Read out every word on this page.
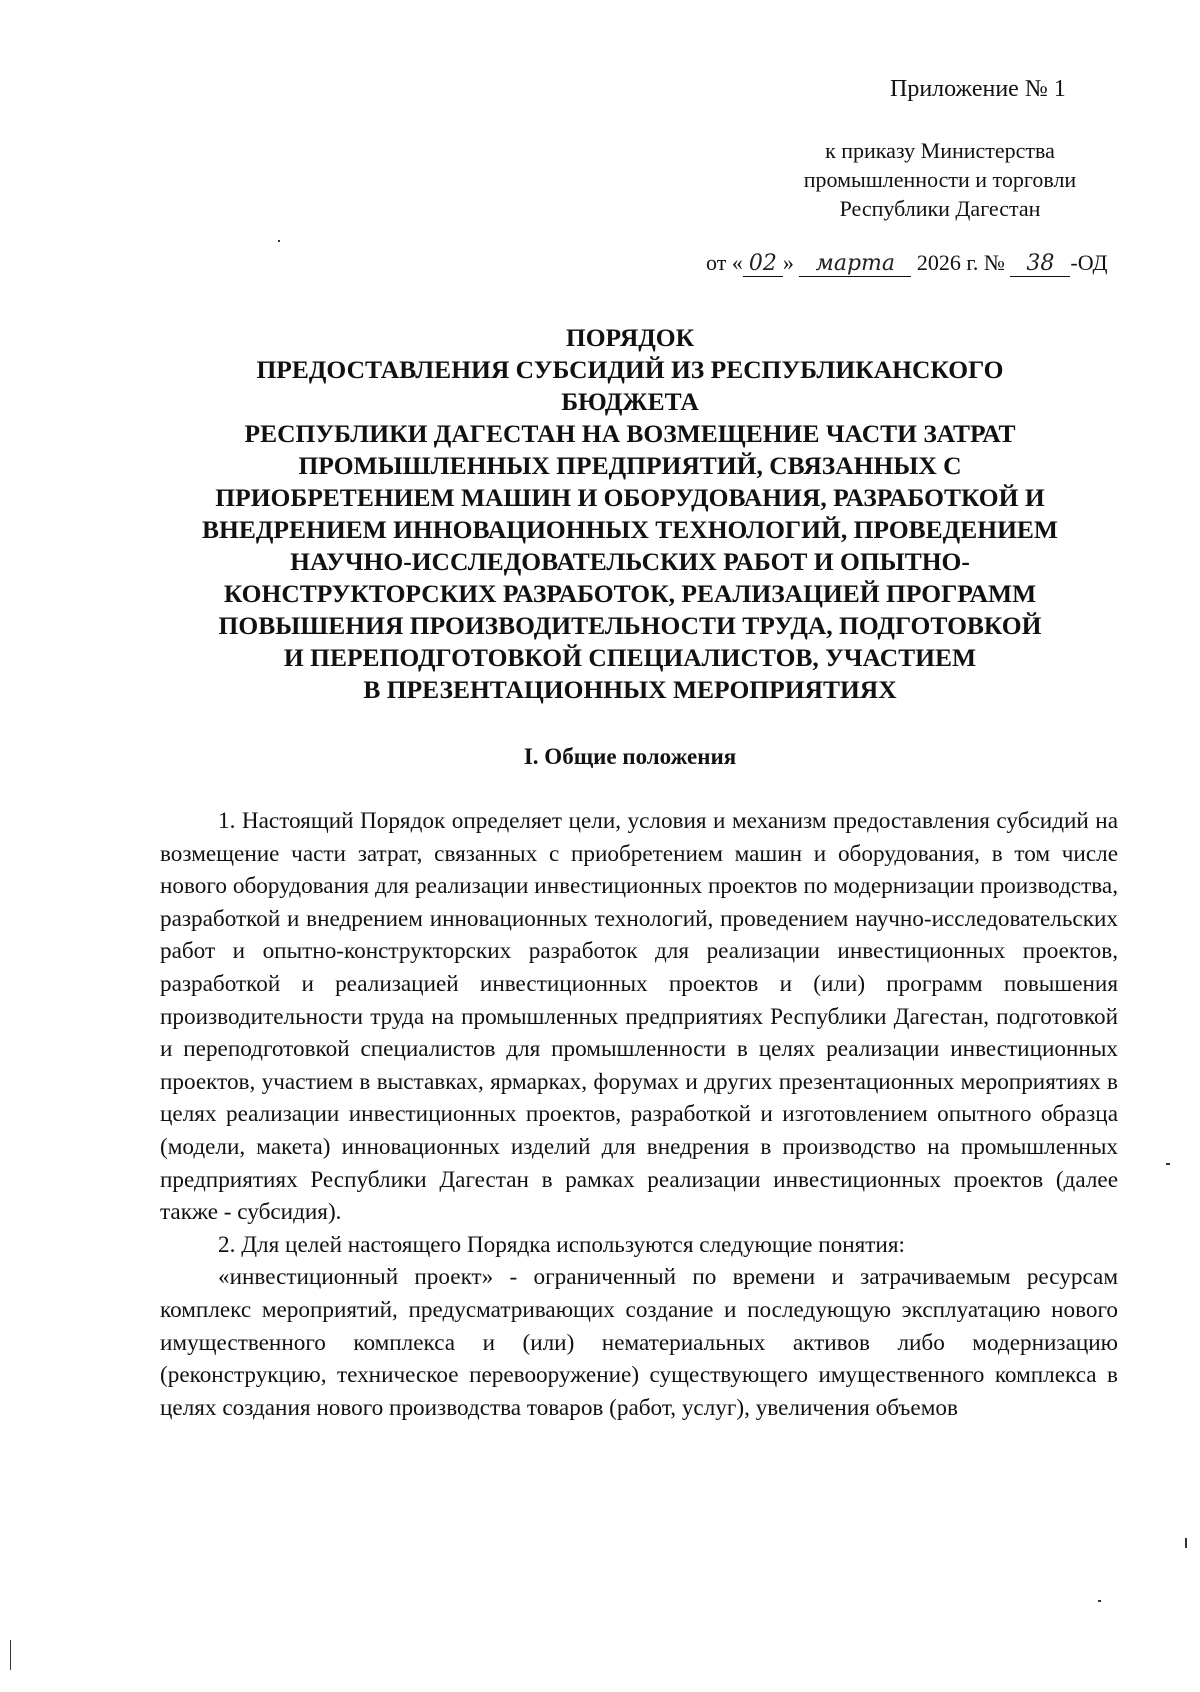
Приложение № 1
к приказу Министерства
промышленности и торговли
Республики Дагестан
от « 02 » марта 2026 г. № 38 -ОД
ПОРЯДОК
ПРЕДОСТАВЛЕНИЯ СУБСИДИЙ ИЗ РЕСПУБЛИКАНСКОГО
БЮДЖЕТА
РЕСПУБЛИКИ ДАГЕСТАН НА ВОЗМЕЩЕНИЕ ЧАСТИ ЗАТРАТ
ПРОМЫШЛЕННЫХ ПРЕДПРИЯТИЙ, СВЯЗАННЫХ С
ПРИОБРЕТЕНИЕМ МАШИН И ОБОРУДОВАНИЯ, РАЗРАБОТКОЙ И
ВНЕДРЕНИЕМ ИННОВАЦИОННЫХ ТЕХНОЛОГИЙ, ПРОВЕДЕНИЕМ
НАУЧНО-ИССЛЕДОВАТЕЛЬСКИХ РАБОТ И ОПЫТНО-
КОНСТРУКТОРСКИХ РАЗРАБОТОК, РЕАЛИЗАЦИЕЙ ПРОГРАММ
ПОВЫШЕНИЯ ПРОИЗВОДИТЕЛЬНОСТИ ТРУДА, ПОДГОТОВКОЙ
И ПЕРЕПОДГОТОВКОЙ СПЕЦИАЛИСТОВ, УЧАСТИЕМ
В ПРЕЗЕНТАЦИОННЫХ МЕРОПРИЯТИЯХ
I. Общие положения

1. Настоящий Порядок определяет цели, условия и механизм предоставления субсидий на возмещение части затрат, связанных с приобретением машин и оборудования, в том числе нового оборудования для реализации инвестиционных проектов по модернизации производства, разработкой и внедрением инновационных технологий, проведением научно-исследовательских работ и опытно-конструкторских разработок для реализации инвестиционных проектов, разработкой и реализацией инвестиционных проектов и (или) программ повышения производительности труда на промышленных предприятиях Республики Дагестан, подготовкой и переподготовкой специалистов для промышленности в целях реализации инвестиционных проектов, участием в выставках, ярмарках, форумах и других презентационных мероприятиях в целях реализации инвестиционных проектов, разработкой и изготовлением опытного образца (модели, макета) инновационных изделий для внедрения в производство на промышленных предприятиях Республики Дагестан в рамках реализации инвестиционных проектов (далее также - субсидия).

2. Для целей настоящего Порядка используются следующие понятия:

«инвестиционный проект» - ограниченный по времени и затрачиваемым ресурсам комплекс мероприятий, предусматривающих создание и последующую эксплуатацию нового имущественного комплекса и (или) нематериальных активов либо модернизацию (реконструкцию, техническое перевооружение) существующего имущественного комплекса в целях создания нового производства товаров (работ, услуг), увеличения объемов
